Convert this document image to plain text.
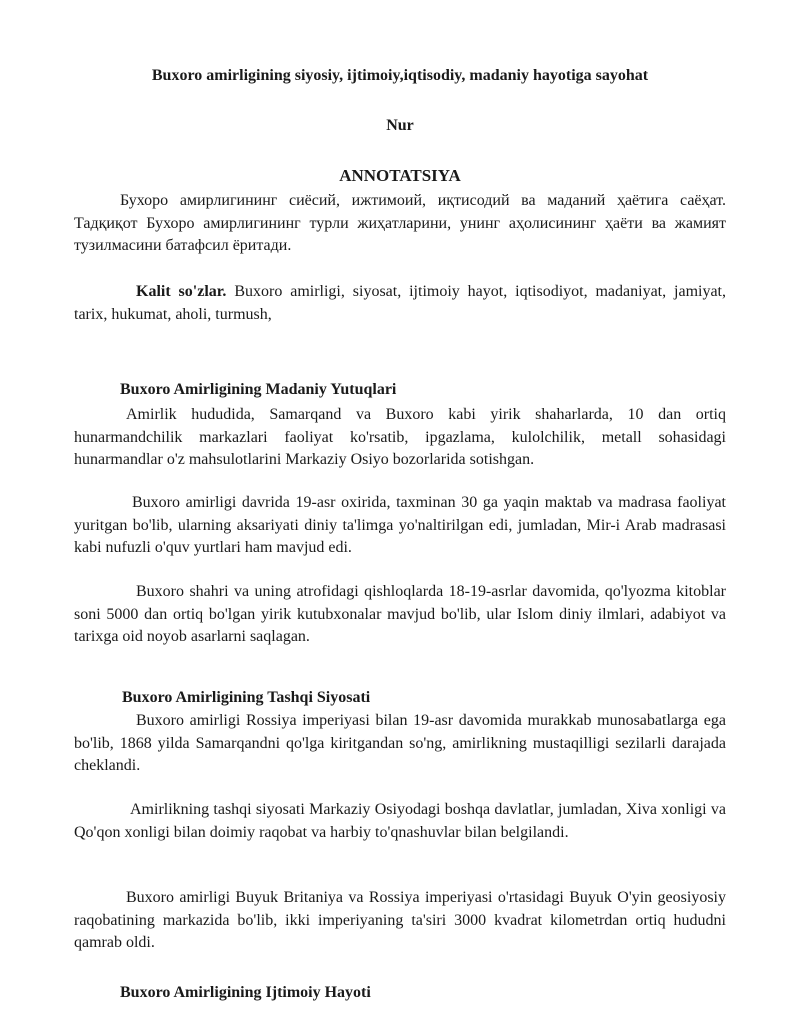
Buxoro amirligining siyosiy, ijtimoiy,iqtisodiy, madaniy hayotiga sayohat
Nur
ANNOTATSIYA
Бухоро амирлигининг сиёсий, ижтимоий, иқтисодий ва маданий ҳаётига саёҳат. Тадқиқот Бухоро амирлигининг турли жиҳатларини, унинг аҳолисининг ҳаёти ва жамият тузилмасини батафсил ёритади.
Kalit so'zlar. Buxoro amirligi, siyosat, ijtimoiy hayot, iqtisodiyot, madaniyat, jamiyat, tarix, hukumat, aholi, turmush,
Buxoro Amirligining Madaniy Yutuqlari
Amirlik hududida, Samarqand va Buxoro kabi yirik shaharlarda, 10 dan ortiq hunarmandchilik markazlari faoliyat ko'rsatib, ipgazlama, kulolchilik, metall sohasidagi hunarmandlar o'z mahsulotlarini Markaziy Osiyo bozorlarida sotishgan.
Buxoro amirligi davrida 19-asr oxirida, taxminan 30 ga yaqin maktab va madrasa faoliyat yuritgan bo'lib, ularning aksariyati diniy ta'limga yo'naltirilgan edi, jumladan, Mir-i Arab madrasasi kabi nufuzli o'quv yurtlari ham mavjud edi.
Buxoro shahri va uning atrofidagi qishloqlarda 18-19-asrlar davomida, qo'lyozma kitoblar soni 5000 dan ortiq bo'lgan yirik kutubxonalar mavjud bo'lib, ular Islom diniy ilmlari, adabiyot va tarixga oid noyob asarlarni saqlagan.
Buxoro Amirligining Tashqi Siyosati
Buxoro amirligi Rossiya imperiyasi bilan 19-asr davomida murakkab munosabatlarga ega bo'lib, 1868 yilda Samarqandni qo'lga kiritgandan so'ng, amirlikning mustaqilligi sezilarli darajada cheklandi.
Amirlikning tashqi siyosati Markaziy Osiyodagi boshqa davlatlar, jumladan, Xiva xonligi va Qo'qon xonligi bilan doimiy raqobat va harbiy to'qnashuvlar bilan belgilandi.
Buxoro amirligi Buyuk Britaniya va Rossiya imperiyasi o'rtasidagi Buyuk O'yin geosiyosiy raqobatining markazida bo'lib, ikki imperiyaning ta'siri 3000 kvadrat kilometrdan ortiq hududni qamrab oldi.
Buxoro Amirligining Ijtimoiy Hayoti
